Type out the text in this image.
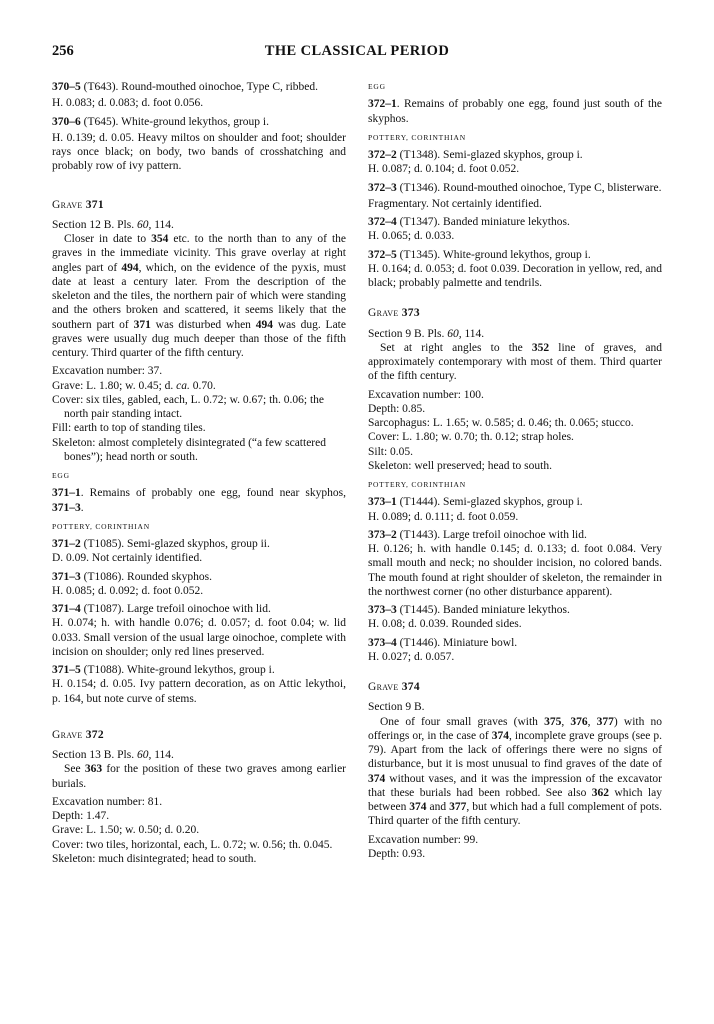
256	THE CLASSICAL PERIOD

370–5 (T643). Round-mouthed oinochoe, Type C, ribbed.

H. 0.083; d. 0.083; d. foot 0.056.

370–6 (T645). White-ground lekythos, group i.

H. 0.139; d. 0.05. Heavy miltos on shoulder and foot; shoulder rays once black; on body, two bands of crosshatching and probably row of ivy pattern.

Grave 371

Section 12 B. Pls. 60, 114.

Closer in date to 354 etc. to the north than to any of the graves in the immediate vicinity. This grave overlay at right angles part of 494, which, on the evidence of the pyxis, must date at least a century later. From the description of the skeleton and the tiles, the northern pair of which were standing and the others broken and scattered, it seems likely that the southern part of 371 was disturbed when 494 was dug. Late graves were usually dug much deeper than those of the fifth century. Third quarter of the fifth century.

Excavation number: 37.

Grave: L. 1.80; w. 0.45; d. ca. 0.70.

Cover: six tiles, gabled, each, L. 0.72; w. 0.67; th. 0.06; the north pair standing intact.

Fill: earth to top of standing tiles.

Skeleton: almost completely disintegrated (“a few scattered bones”); head north or south.

EGG

371–1. Remains of probably one egg, found near skyphos, 371–3.

POTTERY, CORINTHIAN

371–2 (T1085). Semi-glazed skyphos, group ii.

D. 0.09. Not certainly identified.

371–3 (T1086). Rounded skyphos.

H. 0.085; d. 0.092; d. foot 0.052.

371–4 (T1087). Large trefoil oinochoe with lid.

H. 0.074; h. with handle 0.076; d. 0.057; d. foot 0.04; w. lid 0.033. Small version of the usual large oinochoe, complete with incision on shoulder; only red lines preserved.

371–5 (T1088). White-ground lekythos, group i.

H. 0.154; d. 0.05. Ivy pattern decoration, as on Attic lekythoi, p. 164, but note curve of stems.

Grave 372

Section 13 B. Pls. 60, 114.

See 363 for the position of these two graves among earlier burials.

Excavation number: 81.

Depth: 1.47.

Grave: L. 1.50; w. 0.50; d. 0.20.

Cover: two tiles, horizontal, each, L. 0.72; w. 0.56; th. 0.045.

Skeleton: much disintegrated; head to south.

EGG

372–1. Remains of probably one egg, found just south of the skyphos.

POTTERY, CORINTHIAN

372–2 (T1348). Semi-glazed skyphos, group i.

H. 0.087; d. 0.104; d. foot 0.052.

372–3 (T1346). Round-mouthed oinochoe, Type C, blisterware.

Fragmentary. Not certainly identified.

372–4 (T1347). Banded miniature lekythos.

H. 0.065; d. 0.033.

372–5 (T1345). White-ground lekythos, group i.

H. 0.164; d. 0.053; d. foot 0.039. Decoration in yellow, red, and black; probably palmette and tendrils.

Grave 373

Section 9 B. Pls. 60, 114.

Set at right angles to the 352 line of graves, and approximately contemporary with most of them. Third quarter of the fifth century.

Excavation number: 100.

Depth: 0.85.

Sarcophagus: L. 1.65; w. 0.585; d. 0.46; th. 0.065; stucco.

Cover: L. 1.80; w. 0.70; th. 0.12; strap holes.

Silt: 0.05.

Skeleton: well preserved; head to south.

POTTERY, CORINTHIAN

373–1 (T1444). Semi-glazed skyphos, group i.

H. 0.089; d. 0.111; d. foot 0.059.

373–2 (T1443). Large trefoil oinochoe with lid.

H. 0.126; h. with handle 0.145; d. 0.133; d. foot 0.084. Very small mouth and neck; no shoulder incision, no colored bands. The mouth found at right shoulder of skeleton, the remainder in the northwest corner (no other disturbance apparent).

373–3 (T1445). Banded miniature lekythos.

H. 0.08; d. 0.039. Rounded sides.

373–4 (T1446). Miniature bowl.

H. 0.027; d. 0.057.

Grave 374

Section 9 B.

One of four small graves (with 375, 376, 377) with no offerings or, in the case of 374, incomplete grave groups (see p. 79). Apart from the lack of offerings there were no signs of disturbance, but it is most unusual to find graves of the date of 374 without vases, and it was the impression of the excavator that these burials had been robbed. See also 362 which lay between 374 and 377, but which had a full complement of pots. Third quarter of the fifth century.

Excavation number: 99.

Depth: 0.93.
